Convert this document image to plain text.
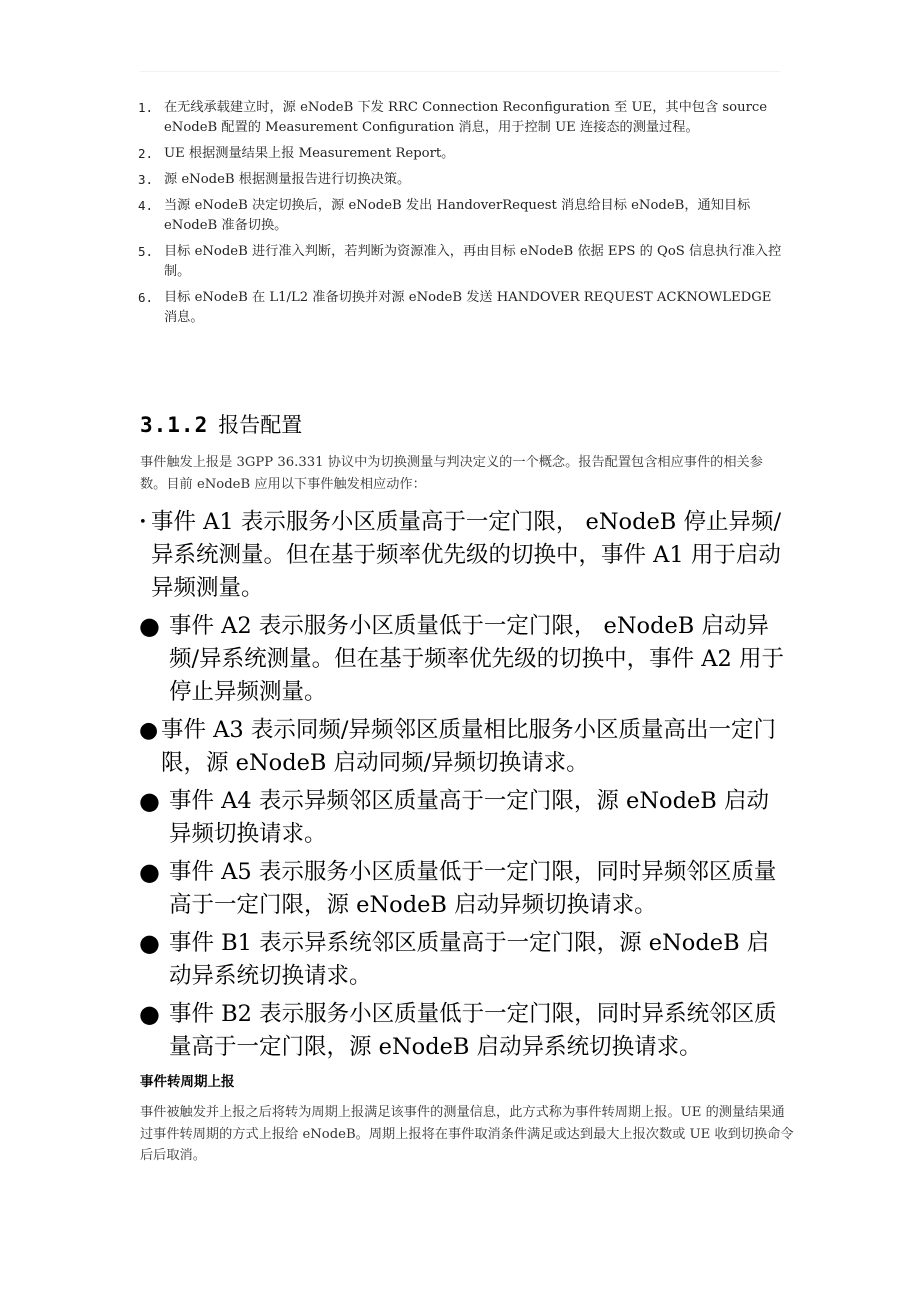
1. 在无线承载建立时，源 eNodeB 下发 RRC Connection Reconfiguration 至 UE，其中包含 source eNodeB 配置的 Measurement Configuration 消息，用于控制 UE 连接态的测量过程。
2. UE 根据测量结果上报 Measurement Report。
3. 源 eNodeB 根据测量报告进行切换决策。
4. 当源 eNodeB 决定切换后，源 eNodeB 发出 HandoverRequest 消息给目标 eNodeB，通知目标 eNodeB 准备切换。
5. 目标 eNodeB 进行准入判断，若判断为资源准入，再由目标 eNodeB 依据 EPS 的 QoS 信息执行准入控制。
6. 目标 eNodeB 在 L1/L2 准备切换并对源 eNodeB 发送 HANDOVER REQUEST ACKNOWLEDGE 消息。
3.1.2 报告配置
事件触发上报是 3GPP 36.331 协议中为切换测量与判决定义的一个概念。报告配置包含相应事件的相关参数。目前 eNodeB 应用以下事件触发相应动作：
• 事件 A1 表示服务小区质量高于一定门限， eNodeB 停止异频/异系统测量。但在基于频率优先级的切换中，事件 A1 用于启动异频测量。
● 事件 A2 表示服务小区质量低于一定门限， eNodeB 启动异频/异系统测量。但在基于频率优先级的切换中，事件 A2 用于停止异频测量。
● 事件 A3 表示同频/异频邻区质量相比服务小区质量高出一定门限，源 eNodeB 启动同频/异频切换请求。
● 事件 A4 表示异频邻区质量高于一定门限，源 eNodeB 启动异频切换请求。
● 事件 A5 表示服务小区质量低于一定门限，同时异频邻区质量高于一定门限，源 eNodeB 启动异频切换请求。
● 事件 B1 表示异系统邻区质量高于一定门限，源 eNodeB 启动异系统切换请求。
● 事件 B2 表示服务小区质量低于一定门限，同时异系统邻区质量高于一定门限，源 eNodeB 启动异系统切换请求。
事件转周期上报
事件被触发并上报之后将转为周期上报满足该事件的测量信息，此方式称为事件转周期上报。UE 的测量结果通过事件转周期的方式上报给 eNodeB。周期上报将在事件取消条件满足或达到最大上报次数或 UE 收到切换命令后后取消。
